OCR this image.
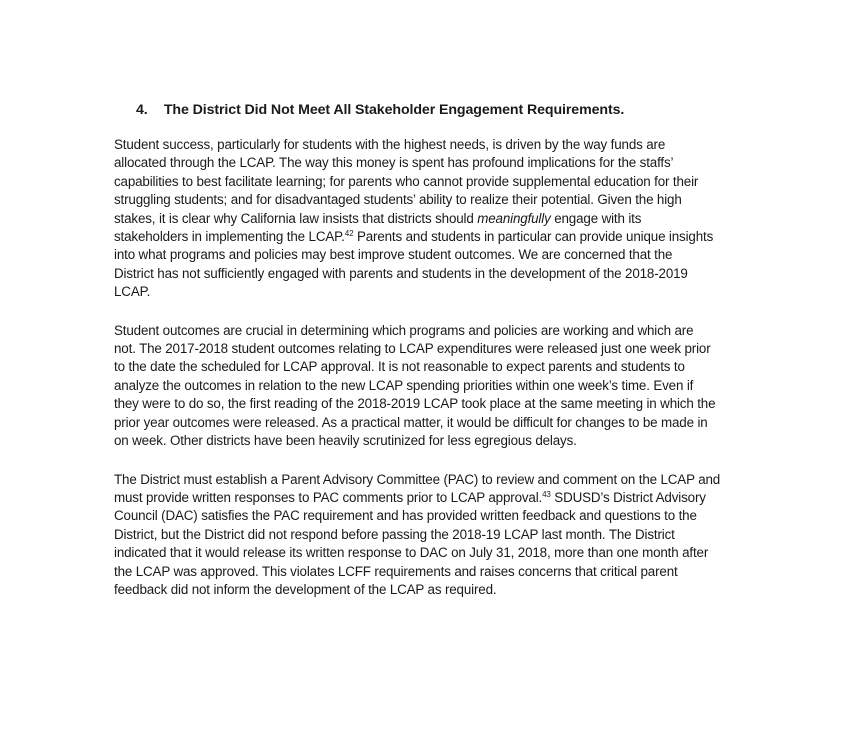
4. The District Did Not Meet All Stakeholder Engagement Requirements.
Student success, particularly for students with the highest needs, is driven by the way funds are
allocated through the LCAP. The way this money is spent has profound implications for the staffs’
capabilities to best facilitate learning; for parents who cannot provide supplemental education for their
struggling students; and for disadvantaged students’ ability to realize their potential. Given the high
stakes, it is clear why California law insists that districts should meaningfully engage with its
stakeholders in implementing the LCAP.$^{42}$ Parents and students in particular can provide unique insights
into what programs and policies may best improve student outcomes. We are concerned that the
District has not sufficiently engaged with parents and students in the development of the 2018-2019
LCAP.
Student outcomes are crucial in determining which programs and policies are working and which are
not. The 2017-2018 student outcomes relating to LCAP expenditures were released just one week prior
to the date the scheduled for LCAP approval. It is not reasonable to expect parents and students to
analyze the outcomes in relation to the new LCAP spending priorities within one week’s time. Even if
they were to do so, the first reading of the 2018-2019 LCAP took place at the same meeting in which the
prior year outcomes were released. As a practical matter, it would be difficult for changes to be made in
on week. Other districts have been heavily scrutinized for less egregious delays.
The District must establish a Parent Advisory Committee (PAC) to review and comment on the LCAP and
must provide written responses to PAC comments prior to LCAP approval.$^{43}$ SDUSD’s District Advisory
Council (DAC) satisfies the PAC requirement and has provided written feedback and questions to the
District, but the District did not respond before passing the 2018-19 LCAP last month. The District
indicated that it would release its written response to DAC on July 31, 2018, more than one month after
the LCAP was approved. This violates LCFF requirements and raises concerns that critical parent
feedback did not inform the development of the LCAP as required.
